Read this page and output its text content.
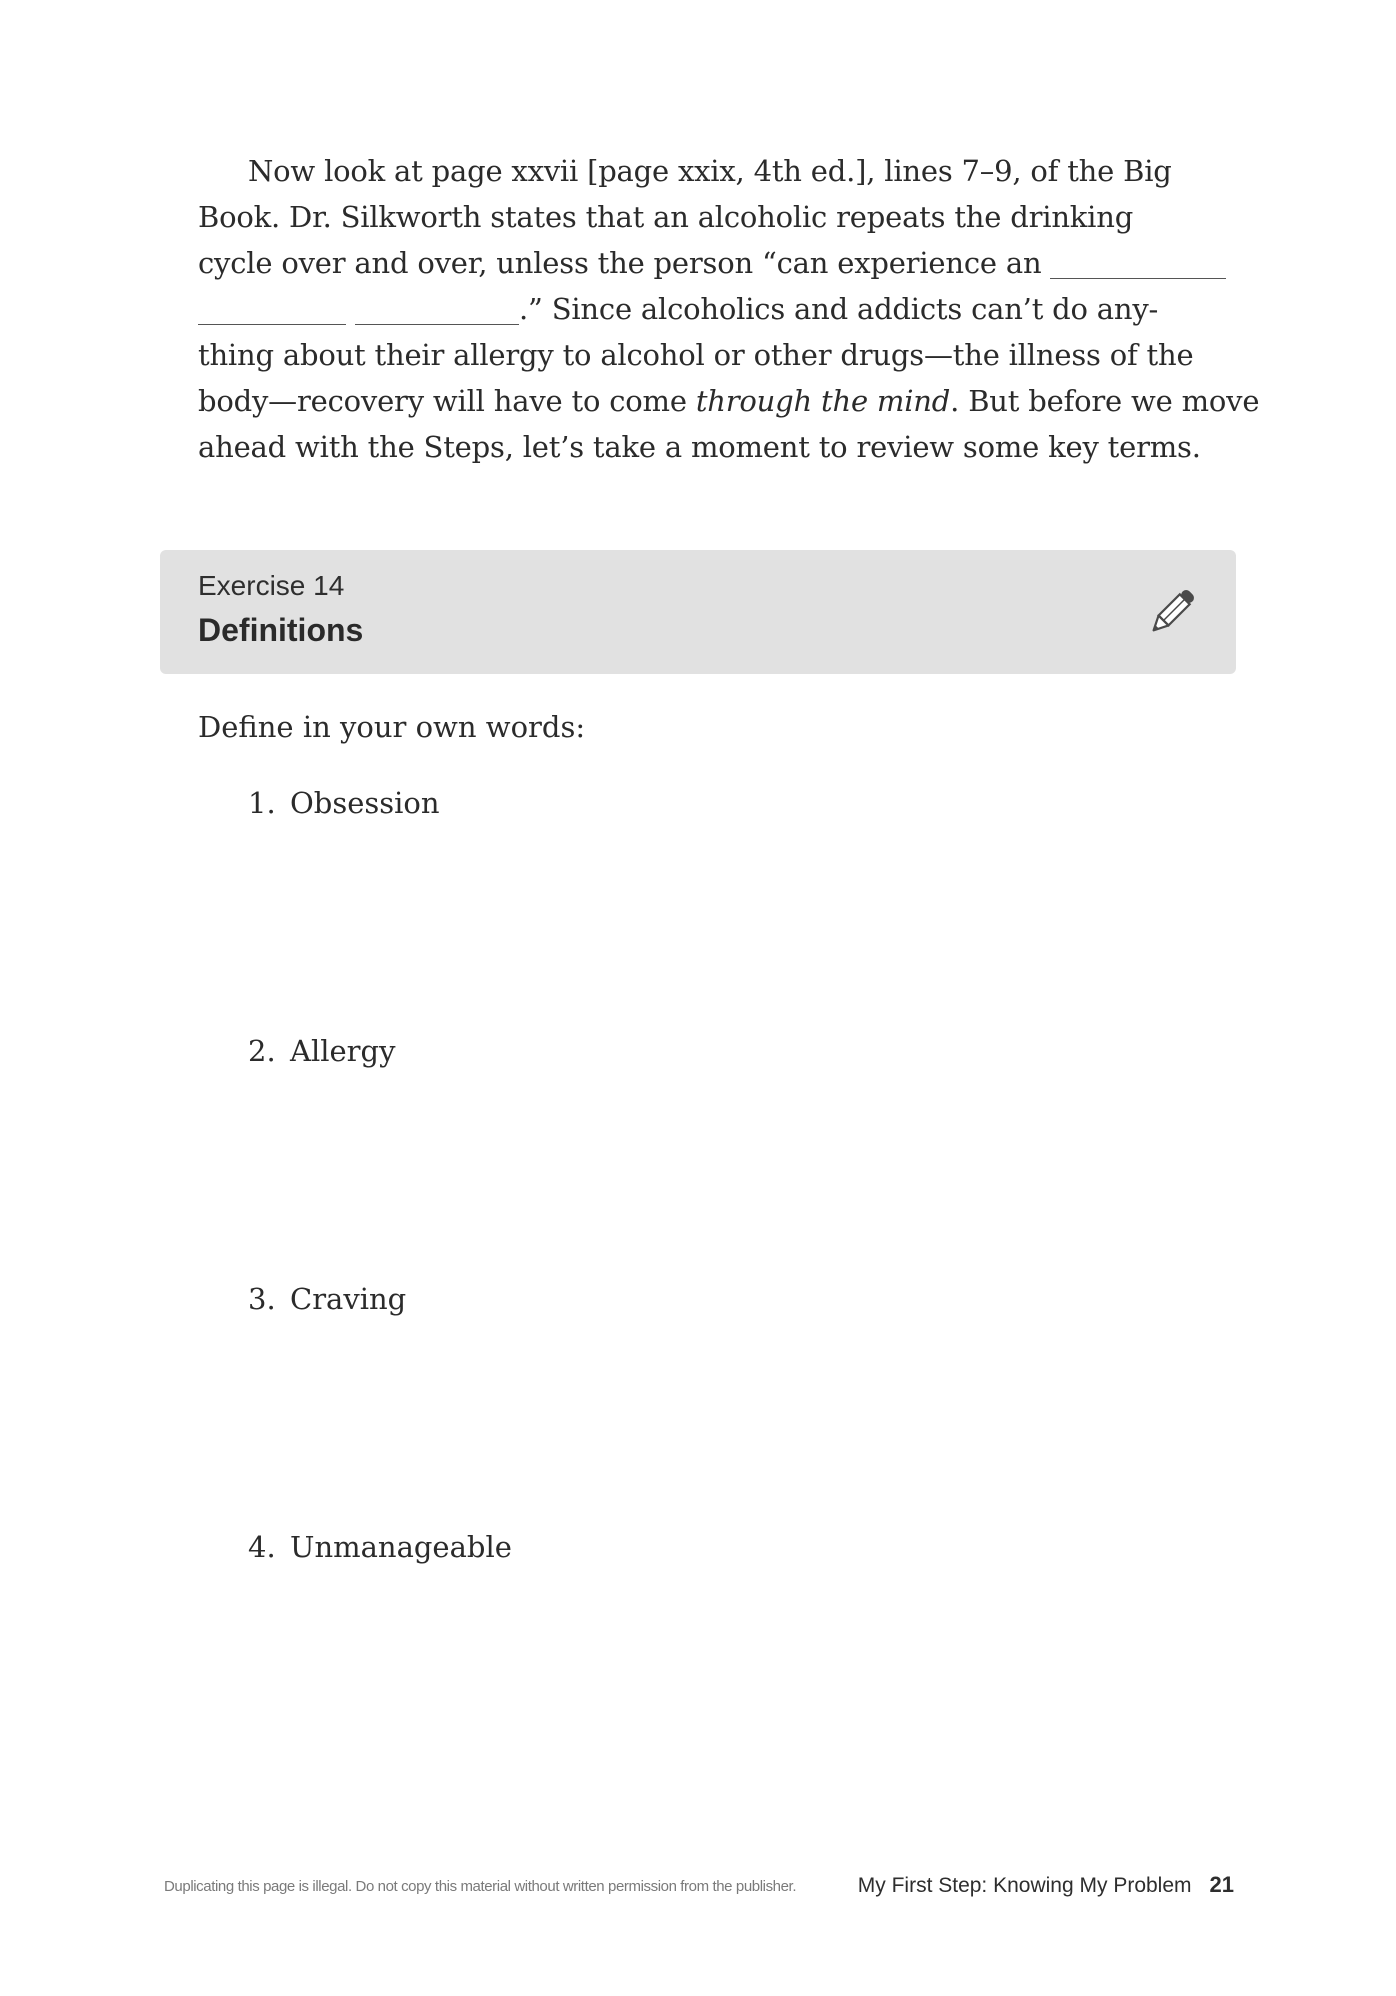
Now look at page xxvii [page xxix, 4th ed.], lines 7–9, of the Big
Book. Dr. Silkworth states that an alcoholic repeats the drinking
cycle over and over, unless the person “can experience an
.” Since alcoholics and addicts can’t do any-
thing about their allergy to alcohol or other drugs—the illness of the
body—recovery will have to come through the mind. But before we move
ahead with the Steps, let’s take a moment to review some key terms.
Exercise 14
Definitions
Define in your own words:
1. Obsession
2. Allergy
3. Craving
4. Unmanageable
Duplicating this page is illegal. Do not copy this material without written permission from the publisher.	My First Step: Knowing My Problem 21
